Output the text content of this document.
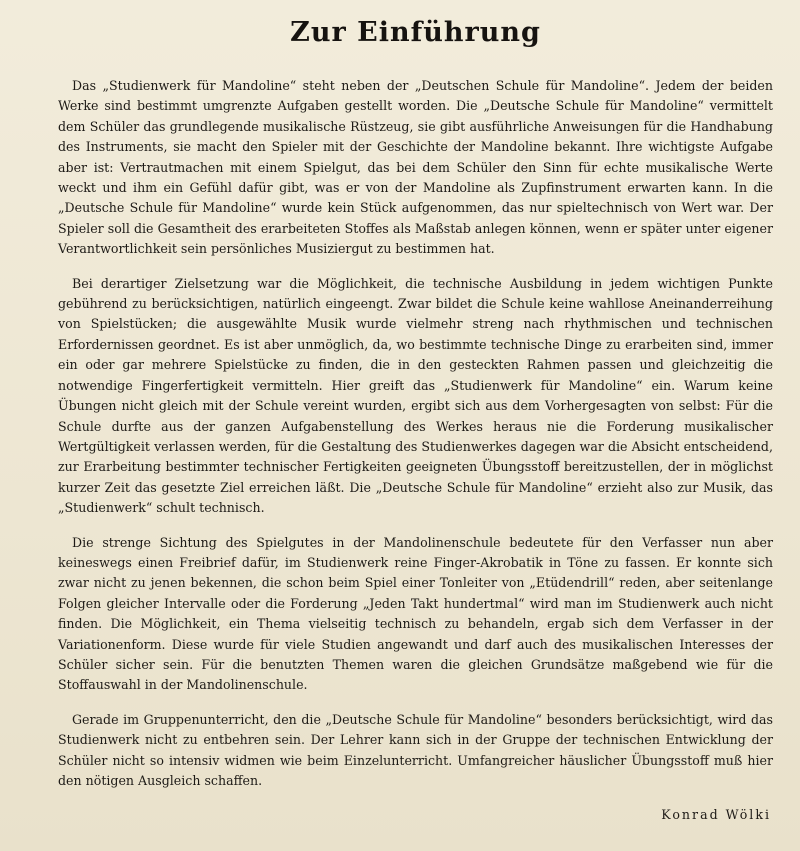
Zur Einführung

Das „Studienwerk für Mandoline“ steht neben der „Deutschen Schule für Mandoline“. Jedem der beiden Werke sind bestimmt umgrenzte Aufgaben gestellt worden. Die „Deutsche Schule für Mandoline“ vermittelt dem Schüler das grundlegende musikalische Rüstzeug, sie gibt ausführliche Anweisungen für die Handhabung des Instruments, sie macht den Spieler mit der Geschichte der Mandoline bekannt. Ihre wichtigste Aufgabe aber ist: Vertrautmachen mit einem Spielgut, das bei dem Schüler den Sinn für echte musikalische Werte weckt und ihm ein Gefühl dafür gibt, was er von der Mandoline als Zupfinstrument erwarten kann. In die „Deutsche Schule für Mandoline“ wurde kein Stück aufgenommen, das nur spieltechnisch von Wert war. Der Spieler soll die Gesamtheit des erarbeiteten Stoffes als Maßstab anlegen können, wenn er später unter eigener Verantwortlichkeit sein persönliches Musiziergut zu bestimmen hat.

Bei derartiger Zielsetzung war die Möglichkeit, die technische Ausbildung in jedem wichtigen Punkte gebührend zu berücksichtigen, natürlich eingeengt. Zwar bildet die Schule keine wahllose Aneinanderreihung von Spielstücken; die ausgewählte Musik wurde vielmehr streng nach rhythmischen und technischen Erfordernissen geordnet. Es ist aber unmöglich, da, wo bestimmte technische Dinge zu erarbeiten sind, immer ein oder gar mehrere Spielstücke zu finden, die in den gesteckten Rahmen passen und gleichzeitig die notwendige Fingerfertigkeit vermitteln. Hier greift das „Studienwerk für Mandoline“ ein. Warum keine Übungen nicht gleich mit der Schule vereint wurden, ergibt sich aus dem Vorhergesagten von selbst: Für die Schule durfte aus der ganzen Aufgabenstellung des Werkes heraus nie die Forderung musikalischer Wertgültigkeit verlassen werden, für die Gestaltung des Studienwerkes dagegen war die Absicht entscheidend, zur Erarbeitung bestimmter technischer Fertigkeiten geeigneten Übungsstoff bereitzustellen, der in möglichst kurzer Zeit das gesetzte Ziel erreichen läßt. Die „Deutsche Schule für Mandoline“ erzieht also zur Musik, das „Studienwerk“ schult technisch.

Die strenge Sichtung des Spielgutes in der Mandolinenschule bedeutete für den Verfasser nun aber keineswegs einen Freibrief dafür, im Studienwerk reine Finger-Akrobatik in Töne zu fassen. Er konnte sich zwar nicht zu jenen bekennen, die schon beim Spiel einer Tonleiter von „Etüdendrill“ reden, aber seitenlange Folgen gleicher Intervalle oder die Forderung „Jeden Takt hundertmal“ wird man im Studienwerk auch nicht finden. Die Möglichkeit, ein Thema vielseitig technisch zu behandeln, ergab sich dem Verfasser in der Variationenform. Diese wurde für viele Studien angewandt und darf auch des musikalischen Interesses der Schüler sicher sein. Für die benutzten Themen waren die gleichen Grundsätze maßgebend wie für die Stoffauswahl in der Mandolinenschule.

Gerade im Gruppenunterricht, den die „Deutsche Schule für Mandoline“ besonders berücksichtigt, wird das Studienwerk nicht zu entbehren sein. Der Lehrer kann sich in der Gruppe der technischen Entwicklung der Schüler nicht so intensiv widmen wie beim Einzelunterricht. Umfangreicher häuslicher Übungsstoff muß hier den nötigen Ausgleich schaffen.

Konrad Wölki
